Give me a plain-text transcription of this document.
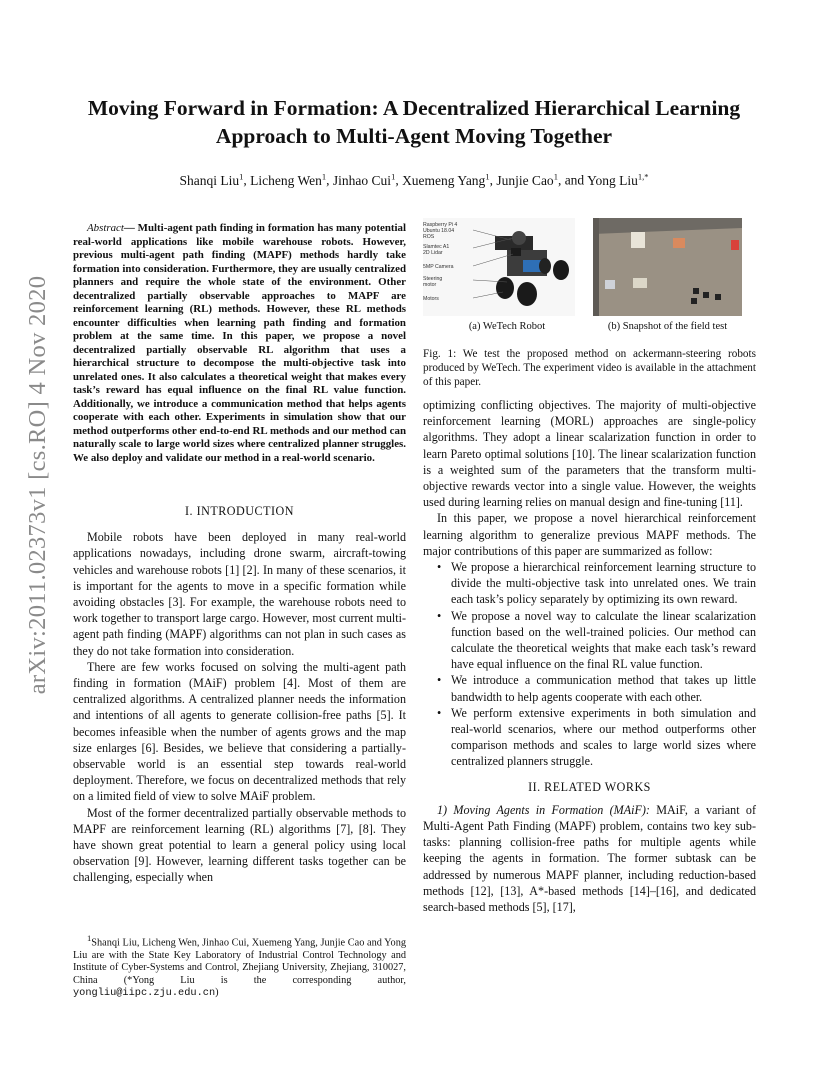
arXiv:2011.02373v1 [cs.RO] 4 Nov 2020
Moving Forward in Formation: A Decentralized Hierarchical Learning
Approach to Multi-Agent Moving Together
Shanqi Liu$^1$, Licheng Wen$^1$, Jinhao Cui$^1$, Xuemeng Yang$^1$, Junjie Cao$^1$, and Yong Liu$^{1,*}$

Abstract— Multi-agent path finding in formation has many potential real-world applications like mobile warehouse robots. However, previous multi-agent path finding (MAPF) methods hardly take formation into consideration. Furthermore, they are usually centralized planners and require the whole state of the environment. Other decentralized partially observable approaches to MAPF are reinforcement learning (RL) methods. However, these RL methods encounter difficulties when learning path finding and formation problem at the same time. In this paper, we propose a novel decentralized partially observable RL algorithm that uses a hierarchical structure to decompose the multi-objective task into unrelated ones. It also calculates a theoretical weight that makes every task’s reward has equal influence on the final RL value function. Additionally, we introduce a communication method that helps agents cooperate with each other. Experiments in simulation show that our method outperforms other end-to-end RL methods and our method can naturally scale to large world sizes where centralized planner struggles. We also deploy and validate our method in a real-world scenario.

I. INTRODUCTION

Mobile robots have been deployed in many real-world applications nowadays, including drone swarm, aircraft-towing vehicles and warehouse robots [1] [2]. In many of these scenarios, it is important for the agents to move in a specific formation while avoiding obstacles [3]. For example, the warehouse robots need to work together to transport large cargo. However, most current multi-agent path finding (MAPF) algorithms can not plan in such cases as they do not take formation into consideration.

There are few works focused on solving the multi-agent path finding in formation (MAiF) problem [4]. Most of them are centralized algorithms. A centralized planner needs the information and intentions of all agents to generate collision-free paths [5]. It becomes infeasible when the number of agents grows and the map size enlarges [6]. Besides, we believe that considering a partially-observable world is an essential step towards real-world deployment. Therefore, we focus on decentralized methods that rely on a limited field of view to solve MAiF problem.

Most of the former decentralized partially observable methods to MAPF are reinforcement learning (RL) algorithms [7], [8]. They have shown great potential to learn a general policy using local observation [9]. However, learning different tasks together can be challenging, especially when

$^1$Shanqi Liu, Licheng Wen, Jinhao Cui, Xuemeng Yang, Junjie Cao and Yong Liu are with the State Key Laboratory of Industrial Control Technology and Institute of Cyber-Systems and Control, Zhejiang University, Zhejiang, 310027, China (*Yong Liu is the corresponding author, yongliu@iipc.zju.edu.cn)

Raspberry Pi 4
Ubuntu 18.04
ROS
Slamtec A1
2D Lidar
5MP Camera
Steering
motor
Motors
(a) WeTech Robot	(b) Snapshot of the field test

Fig. 1: We test the proposed method on ackermann-steering robots produced by WeTech. The experiment video is available in the attachment of this paper.

optimizing conflicting objectives. The majority of multi-objective reinforcement learning (MORL) approaches are single-policy algorithms. They adopt a linear scalarization function in order to learn Pareto optimal solutions [10]. The linear scalarization function is a weighted sum of the parameters that the transform multi-objective rewards vector into a single value. However, the weights used during learning relies on manual design and fine-tuning [11].

In this paper, we propose a novel hierarchical reinforcement learning algorithm to generalize previous MAPF methods. The major contributions of this paper are summarized as follow:

• We propose a hierarchical reinforcement learning structure to divide the multi-objective task into unrelated ones. We train each task’s policy separately by optimizing its own reward.
• We propose a novel way to calculate the linear scalarization function based on the well-trained policies. Our method can calculate the theoretical weights that make each task’s reward have equal influence on the final RL value function.
• We introduce a communication method that takes up little bandwidth to help agents cooperate with each other.
• We perform extensive experiments in both simulation and real-world scenarios, where our method outperforms other comparison methods and scales to large world sizes where centralized planners struggle.

II. RELATED WORKS

1) Moving Agents in Formation (MAiF): MAiF, a variant of Multi-Agent Path Finding (MAPF) problem, contains two key sub-tasks: planning collision-free paths for multiple agents while keeping the agents in formation. The former subtask can be addressed by numerous MAPF planner, including reduction-based methods [12], [13], A*-based methods [14]–[16], and dedicated search-based methods [5], [17],
